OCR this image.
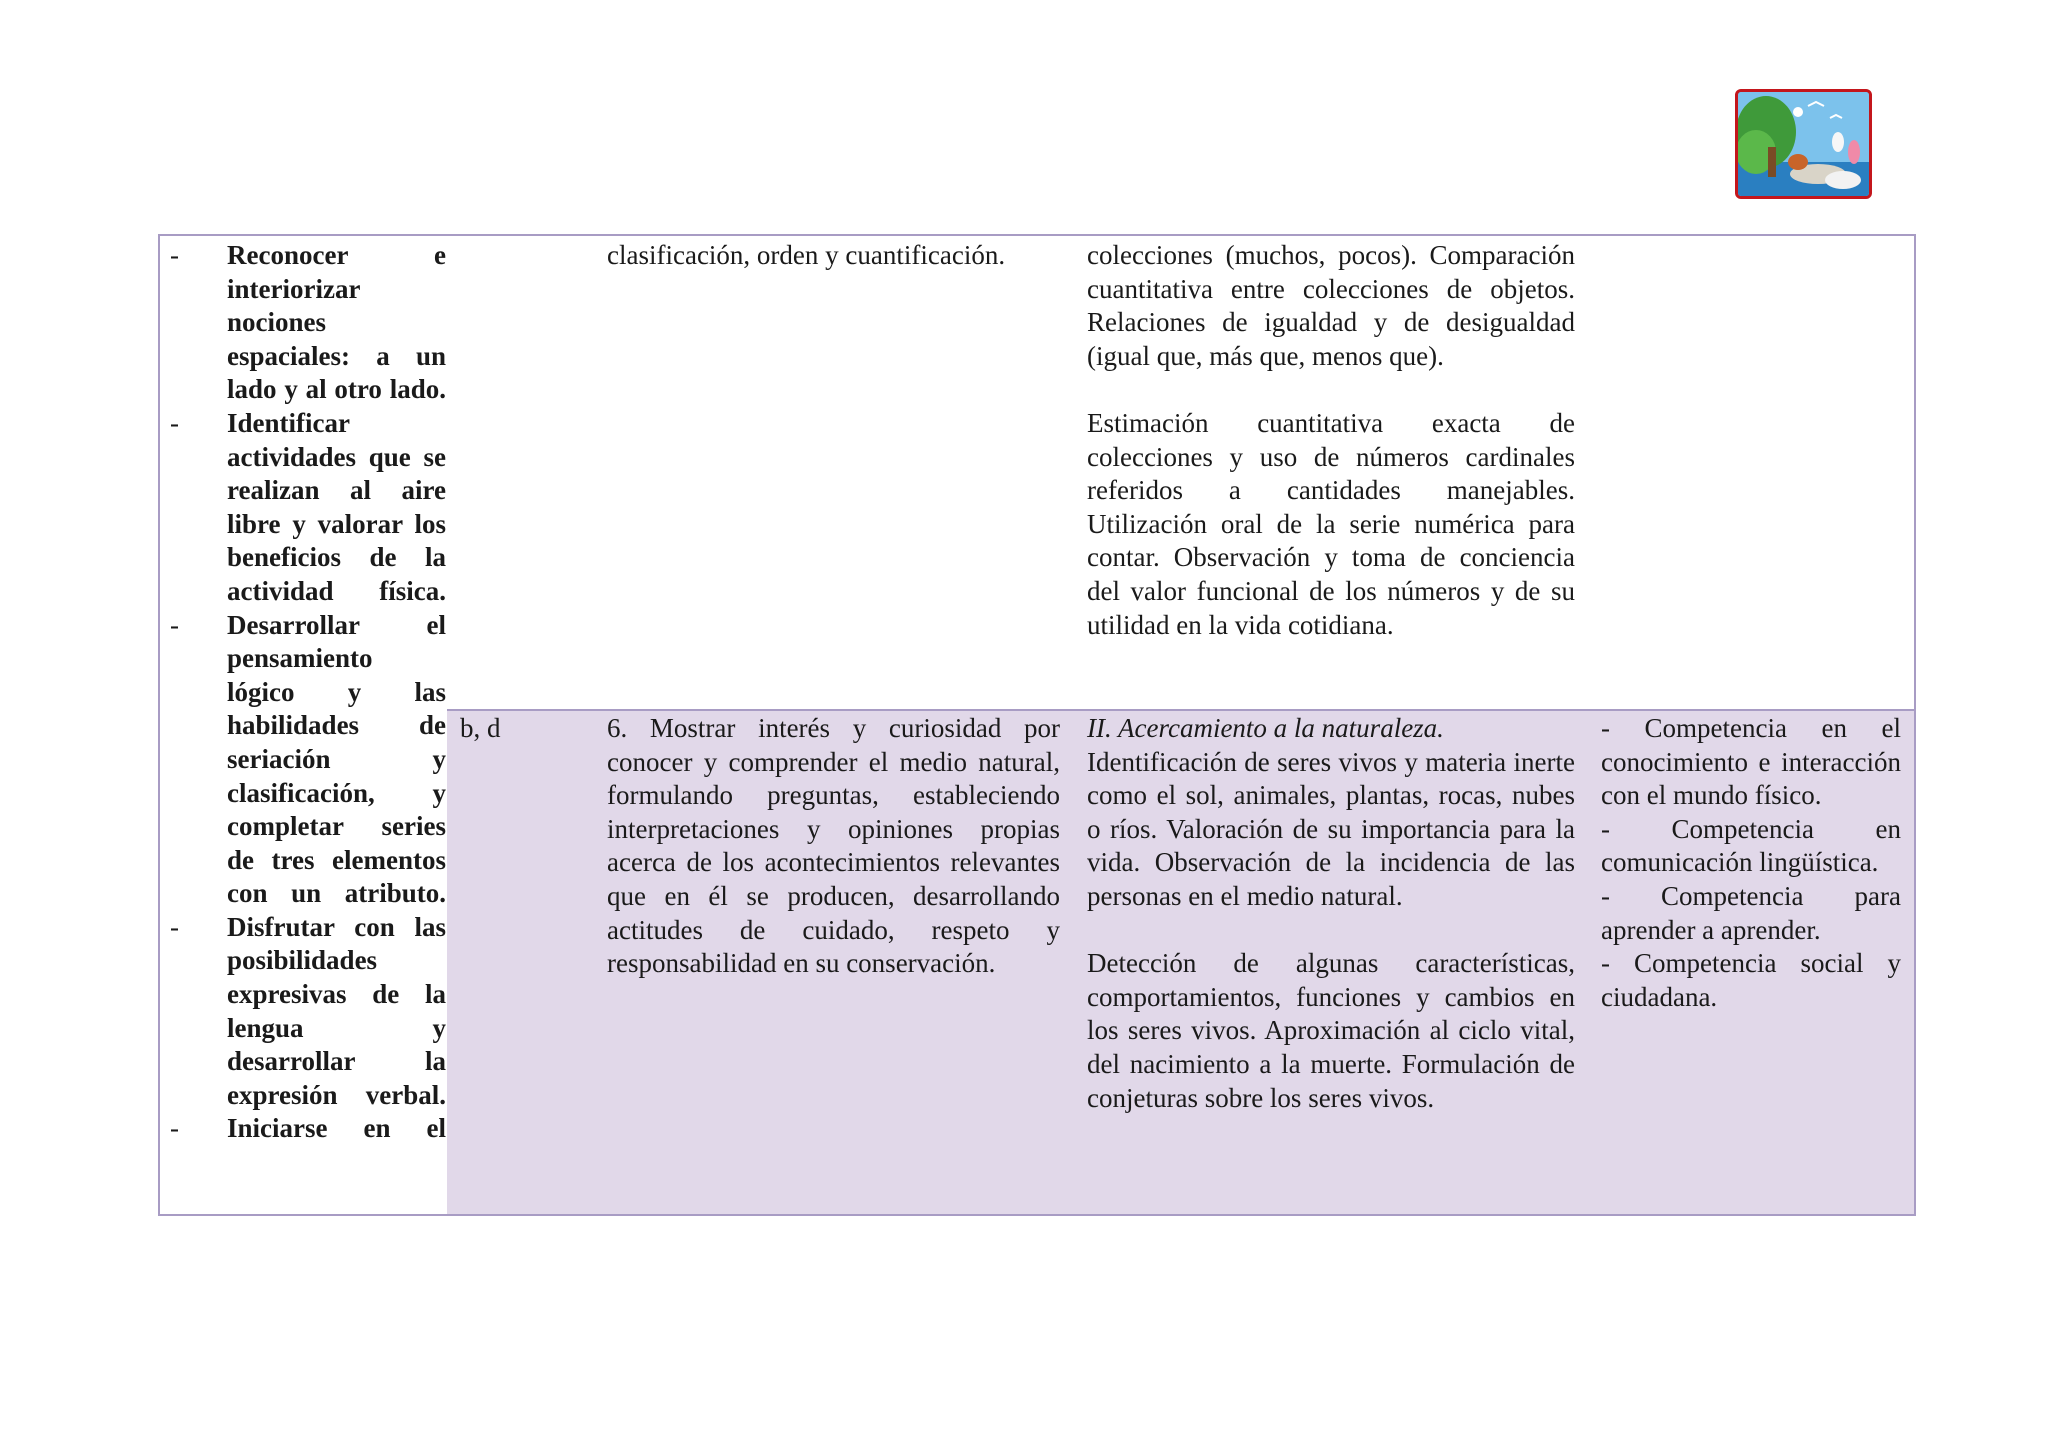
- Reconocer e interiorizar nociones espaciales: a un lado y al otro lado.
- Identificar actividades que se realizan al aire libre y valorar los beneficios de la actividad física.
- Desarrollar el pensamiento lógico y las habilidades de seriación y clasificación, y completar series de tres elementos con un atributo.
- Disfrutar con las posibilidades expresivas de la lengua y desarrollar la expresión verbal.
- Iniciarse en el
clasificación, orden y cuantificación.	colecciones (muchos, pocos). Comparación cuantitativa entre colecciones de objetos. Relaciones de igualdad y de desigualdad (igual que, más que, menos que).

Estimación cuantitativa exacta de colecciones y uso de números cardinales referidos a cantidades manejables. Utilización oral de la serie numérica para contar. Observación y toma de conciencia del valor funcional de los números y de su utilidad en la vida cotidiana.

b, d	6. Mostrar interés y curiosidad por conocer y comprender el medio natural, formulando preguntas, estableciendo interpretaciones y opiniones propias acerca de los acontecimientos relevantes que en él se producen, desarrollando actitudes de cuidado, respeto y responsabilidad en su conservación.

II. Acercamiento a la naturaleza.

Identificación de seres vivos y materia inerte como el sol, animales, plantas, rocas, nubes o ríos. Valoración de su importancia para la vida. Observación de la incidencia de las personas en el medio natural.

Detección de algunas características, comportamientos, funciones y cambios en los seres vivos. Aproximación al ciclo vital, del nacimiento a la muerte. Formulación de conjeturas sobre los seres vivos.

- Competencia en el conocimiento e interacción con el mundo físico.

- Competencia en comunicación lingüística.

- Competencia para aprender a aprender.

- Competencia social y ciudadana.
